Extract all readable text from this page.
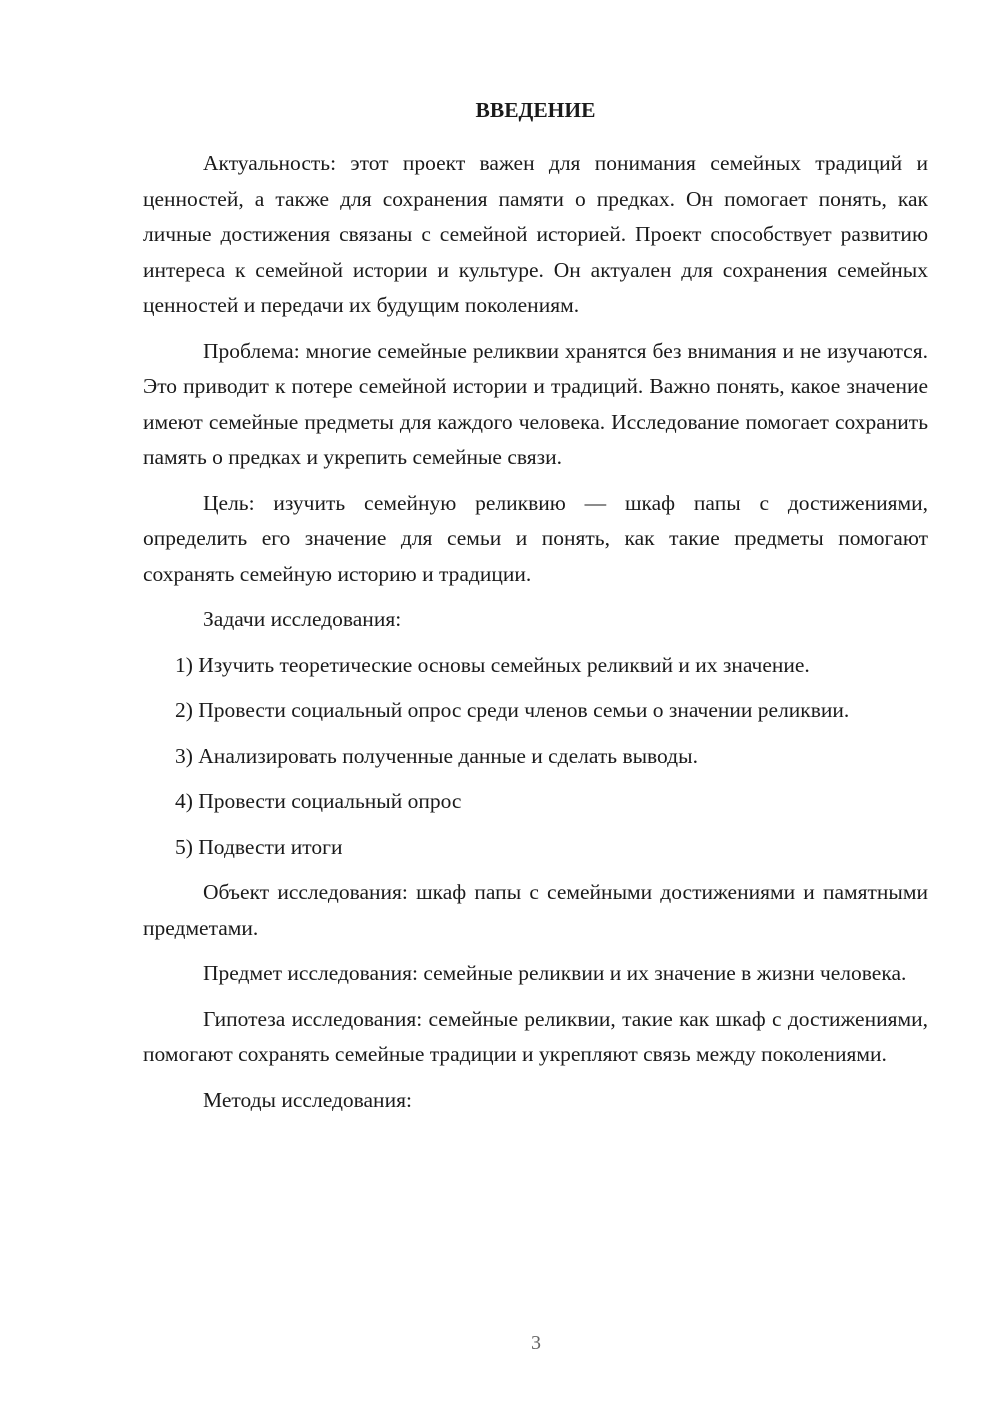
ВВЕДЕНИЕ

Актуальность: этот проект важен для понимания семейных традиций и ценностей, а также для сохранения памяти о предках. Он помогает понять, как личные достижения связаны с семейной историей. Проект способствует развитию интереса к семейной истории и культуре. Он актуален для сохранения семейных ценностей и передачи их будущим поколениям.

Проблема: многие семейные реликвии хранятся без внимания и не изучаются. Это приводит к потере семейной истории и традиций. Важно понять, какое значение имеют семейные предметы для каждого человека. Исследование помогает сохранить память о предках и укрепить семейные связи.

Цель: изучить семейную реликвию — шкаф папы с достижениями, определить его значение для семьи и понять, как такие предметы помогают сохранять семейную историю и традиции.

Задачи исследования:

1) Изучить теоретические основы семейных реликвий и их значение.

2) Провести социальный опрос среди членов семьи о значении реликвии.

3) Анализировать полученные данные и сделать выводы.

4) Провести социальный опрос

5) Подвести итоги

Объект исследования: шкаф папы с семейными достижениями и памятными предметами.

Предмет исследования: семейные реликвии и их значение в жизни человека.

Гипотеза исследования: семейные реликвии, такие как шкаф с достижениями, помогают сохранять семейные традиции и укрепляют связь между поколениями.

Методы исследования:

3
